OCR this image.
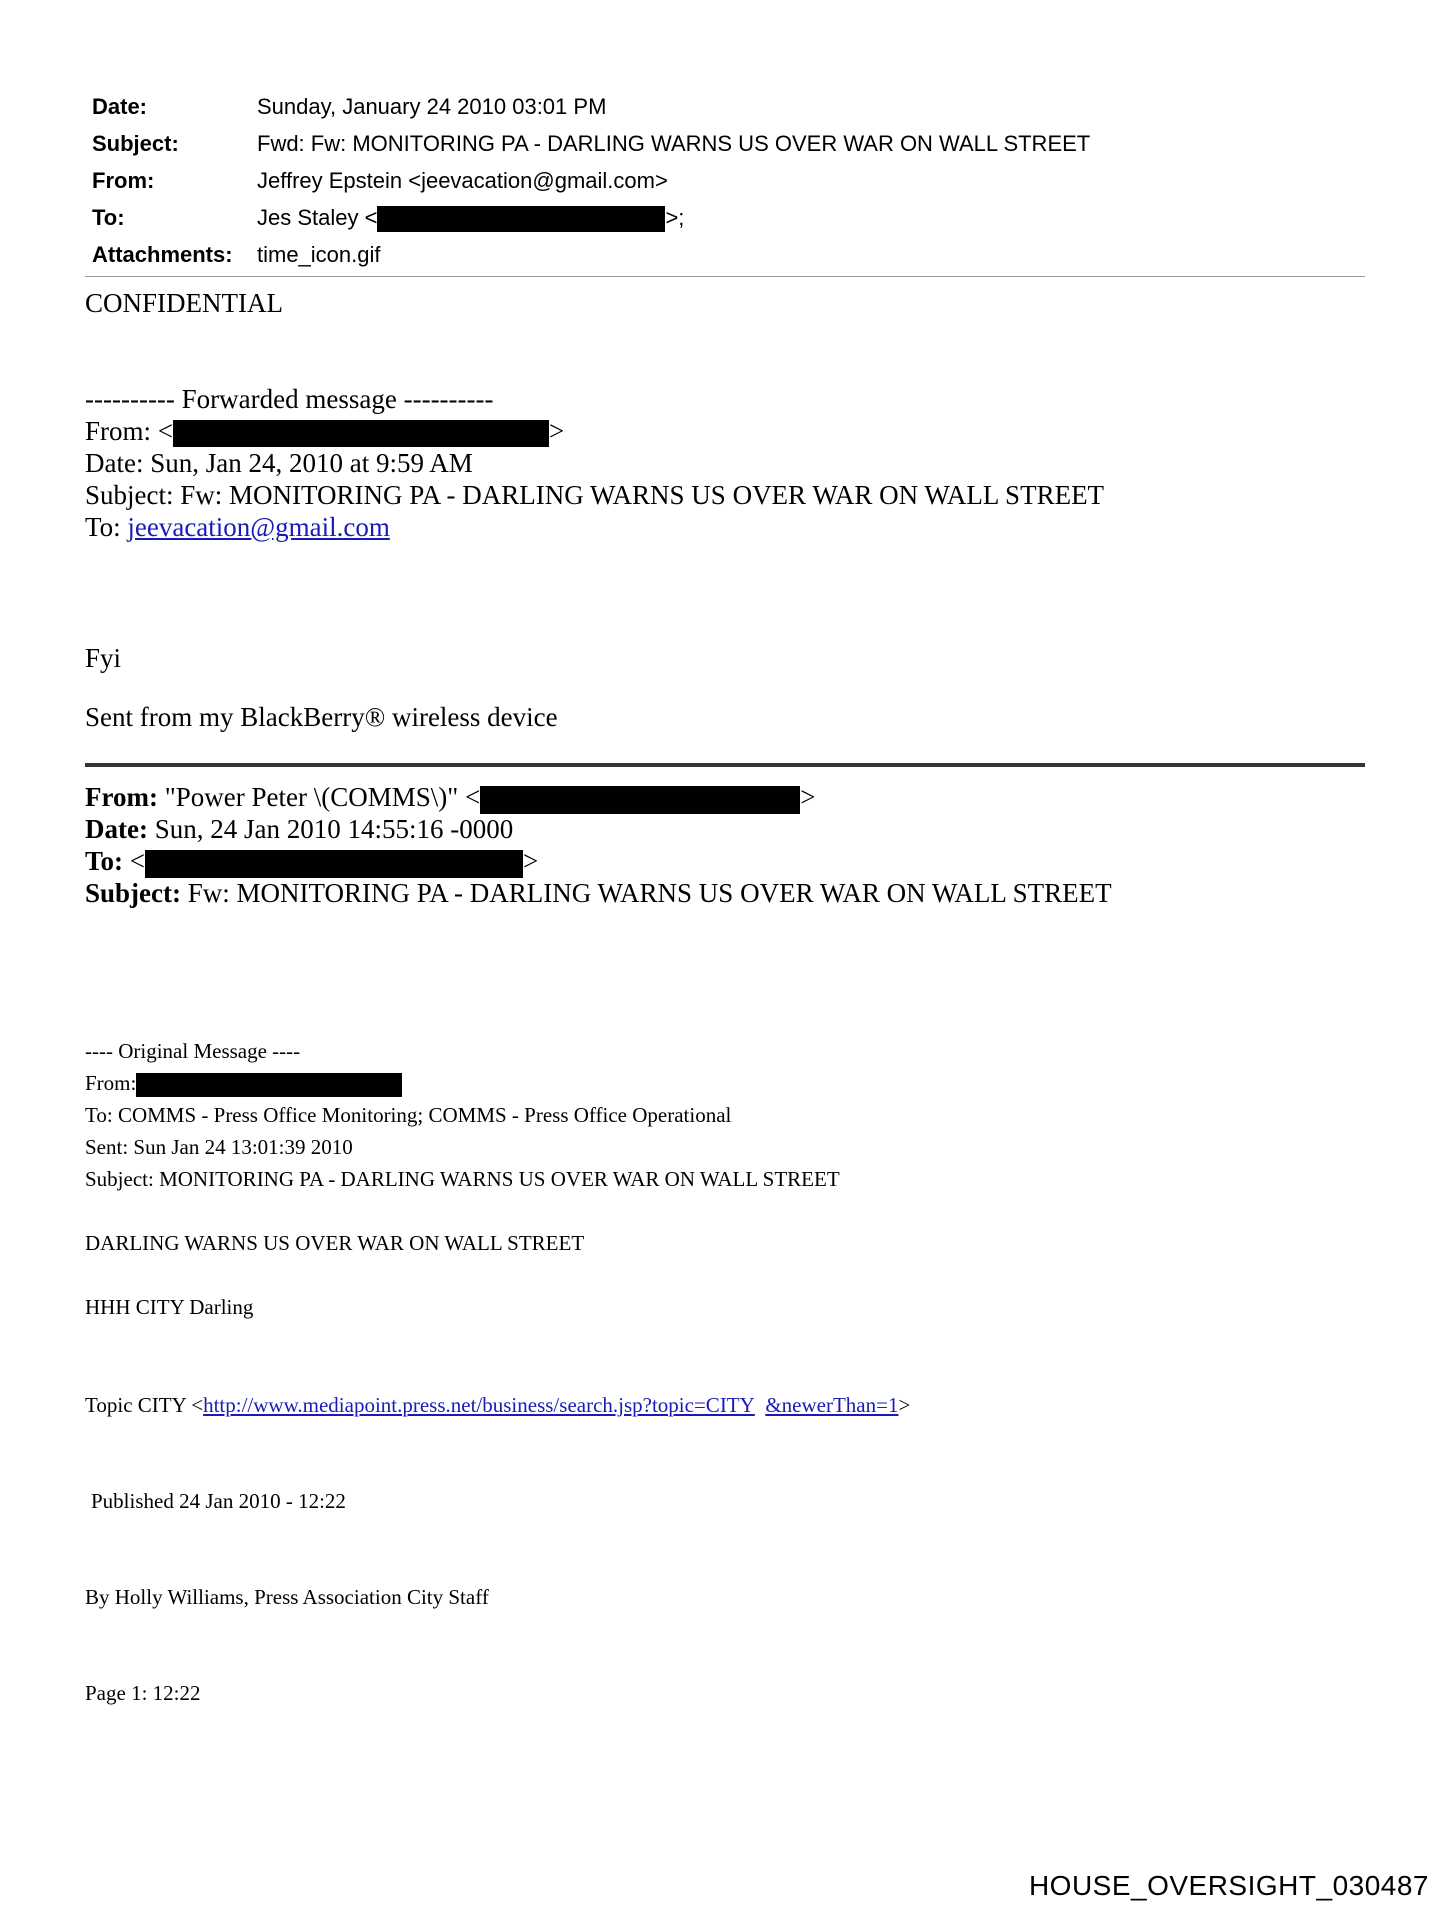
Date:	Sunday, January 24 2010 03:01 PM
Subject:	Fwd: Fw: MONITORING PA - DARLING WARNS US OVER WAR ON WALL STREET
From:	Jeffrey Epstein <jeevacation@gmail.com>
To:	Jes Staley <	>;
Attachments: time_icon.gif
CONFIDENTIAL
---------- Forwarded message ----------
From: <	>
Date: Sun, Jan 24, 2010 at 9:59 AM
Subject: Fw: MONITORING PA - DARLING WARNS US OVER WAR ON WALL STREET
To: jeevacation@gmail.com
Fyi
Sent from my BlackBerry® wireless device
From: "Power Peter \(COMMS\)" <	>
Date: Sun, 24 Jan 2010 14:55:16 -0000
To: <	>
Subject: Fw: MONITORING PA - DARLING WARNS US OVER WAR ON WALL STREET
---- Original Message ----
From:
To: COMMS - Press Office Monitoring; COMMS - Press Office Operational
Sent: Sun Jan 24 13:01:39 2010
Subject: MONITORING PA - DARLING WARNS US OVER WAR ON WALL STREET
DARLING WARNS US OVER WAR ON WALL STREET
HHH CITY Darling
Topic CITY <http://www.mediapoint.press.net/business/search.jsp?topic=CITY &newerThan=1>
Published 24 Jan 2010 - 12:22
By Holly Williams, Press Association City Staff
Page 1: 12:22
HOUSE_OVERSIGHT_030487
